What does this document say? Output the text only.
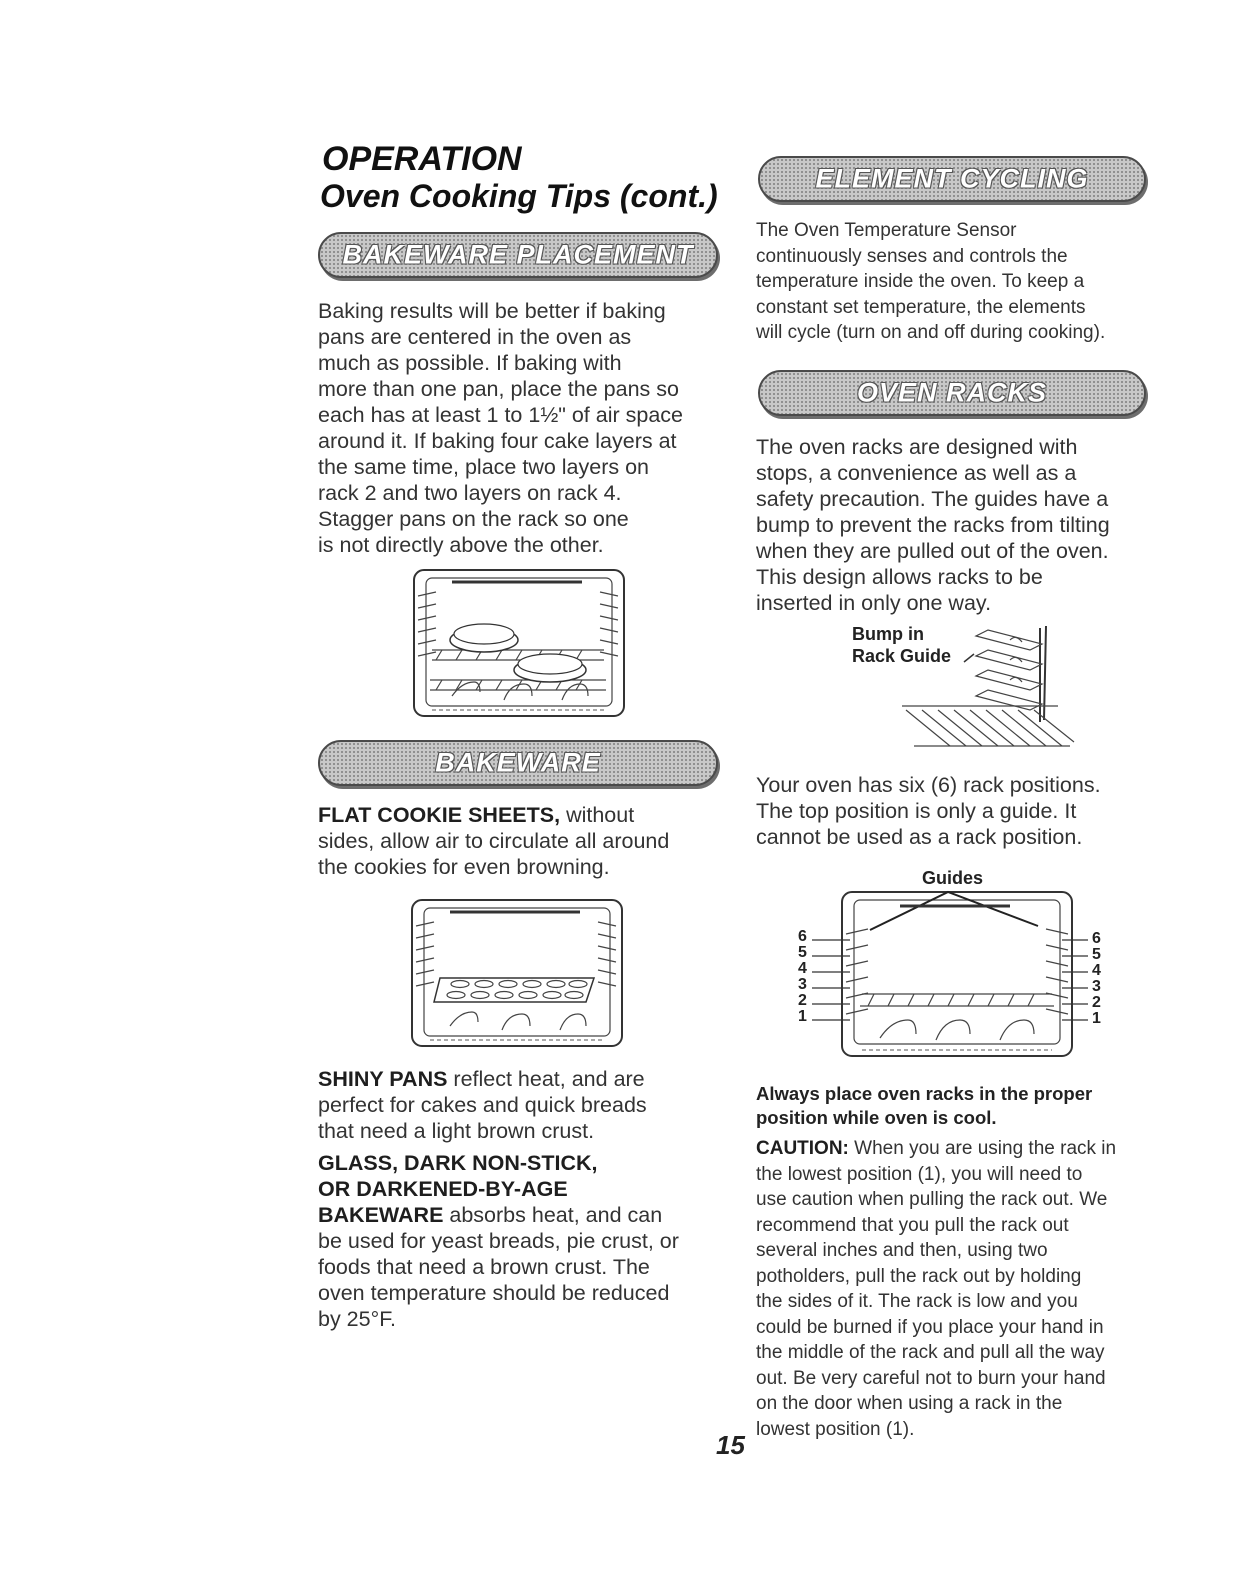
OPERATION
Oven Cooking Tips (cont.)
BAKEWARE PLACEMENT
Baking results will be better if baking
pans are centered in the oven as
much as possible. If baking with
more than one pan, place the pans so
each has at least 1 to 1½" of air space
around it. If baking four cake layers at
the same time, place two layers on
rack 2 and two layers on rack 4.
Stagger pans on the rack so one
is not directly above the other.
BAKEWARE
FLAT COOKIE SHEETS, without
sides, allow air to circulate all around
the cookies for even browning.
SHINY PANS reflect heat, and are
perfect for cakes and quick breads
that need a light brown crust.
GLASS, DARK NON-STICK,
OR DARKENED-BY-AGE
BAKEWARE absorbs heat, and can
be used for yeast breads, pie crust, or
foods that need a brown crust. The
oven temperature should be reduced
by 25°F.
ELEMENT CYCLING
The Oven Temperature Sensor
continuously senses and controls the
temperature inside the oven. To keep a
constant set temperature, the elements
will cycle (turn on and off during cooking).
OVEN RACKS
The oven racks are designed with
stops, a convenience as well as a
safety precaution. The guides have a
bump to prevent the racks from tilting
when they are pulled out of the oven.
This design allows racks to be
inserted in only one way.
Bump in
Rack Guide
Your oven has six (6) rack positions.
The top position is only a guide. It
cannot be used as a rack position.
Guides
6
5
4
3
2
1
6
5
4
3
2
1
Always place oven racks in the proper
position while oven is cool.
CAUTION: When you are using the rack in
the lowest position (1), you will need to
use caution when pulling the rack out. We
recommend that you pull the rack out
several inches and then, using two
potholders, pull the rack out by holding
the sides of it. The rack is low and you
could be burned if you place your hand in
the middle of the rack and pull all the way
out. Be very careful not to burn your hand
on the door when using a rack in the
lowest position (1).
15
